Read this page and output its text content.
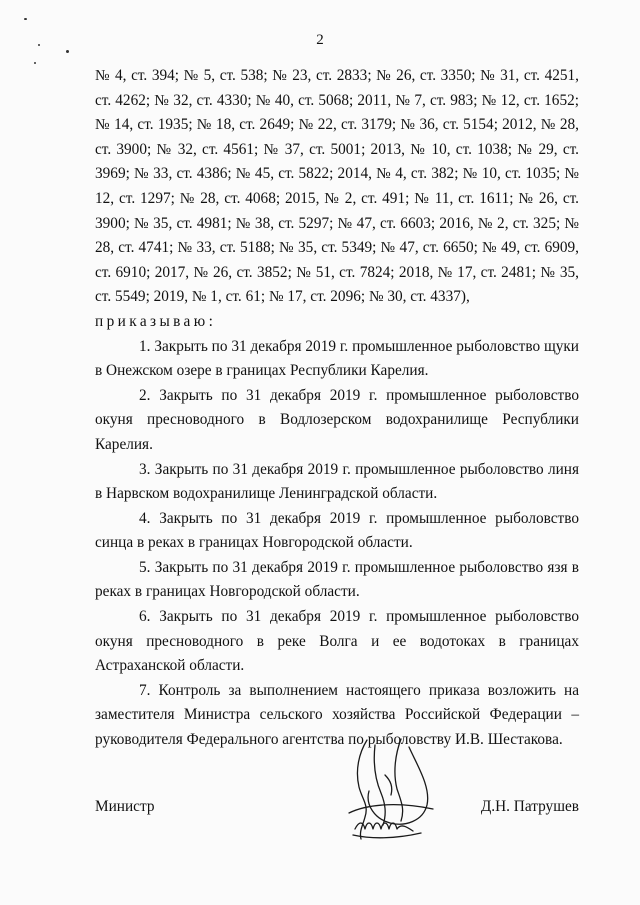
2

№ 4, ст. 394; № 5, ст. 538; № 23, ст. 2833; № 26, ст. 3350; № 31, ст. 4251, ст. 4262; № 32, ст. 4330; № 40, ст. 5068; 2011, № 7, ст. 983; № 12, ст. 1652; № 14, ст. 1935; № 18, ст. 2649; № 22, ст. 3179; № 36, ст. 5154; 2012, № 28, ст. 3900; № 32, ст. 4561; № 37, ст. 5001; 2013, № 10, ст. 1038; № 29, ст. 3969; № 33, ст. 4386; № 45, ст. 5822; 2014, № 4, ст. 382; № 10, ст. 1035; № 12, ст. 1297; № 28, ст. 4068; 2015, № 2, ст. 491; № 11, ст. 1611; № 26, ст. 3900; № 35, ст. 4981; № 38, ст. 5297; № 47, ст. 6603; 2016, № 2, ст. 325; № 28, ст. 4741; № 33, ст. 5188; № 35, ст. 5349; № 47, ст. 6650; № 49, ст. 6909, ст. 6910; 2017, № 26, ст. 3852; № 51, ст. 7824; 2018, № 17, ст. 2481; № 35, ст. 5549; 2019, № 1, ст. 61; № 17, ст. 2096; № 30, ст. 4337),

приказываю:

1. Закрыть по 31 декабря 2019 г. промышленное рыболовство щуки в Онежском озере в границах Республики Карелия.

2. Закрыть по 31 декабря 2019 г. промышленное рыболовство окуня пресноводного в Водлозерском водохранилище Республики Карелия.

3. Закрыть по 31 декабря 2019 г. промышленное рыболовство линя в Нарвском водохранилище Ленинградской области.

4. Закрыть по 31 декабря 2019 г. промышленное рыболовство синца в реках в границах Новгородской области.

5. Закрыть по 31 декабря 2019 г. промышленное рыболовство язя в реках в границах Новгородской области.

6. Закрыть по 31 декабря 2019 г. промышленное рыболовство окуня пресноводного в реке Волга и ее водотоках в границах Астраханской области.

7. Контроль за выполнением настоящего приказа возложить на заместителя Министра сельского хозяйства Российской Федерации – руководителя Федерального агентства по рыболовству И.В. Шестакова.

Министр	Д.Н. Патрушев
